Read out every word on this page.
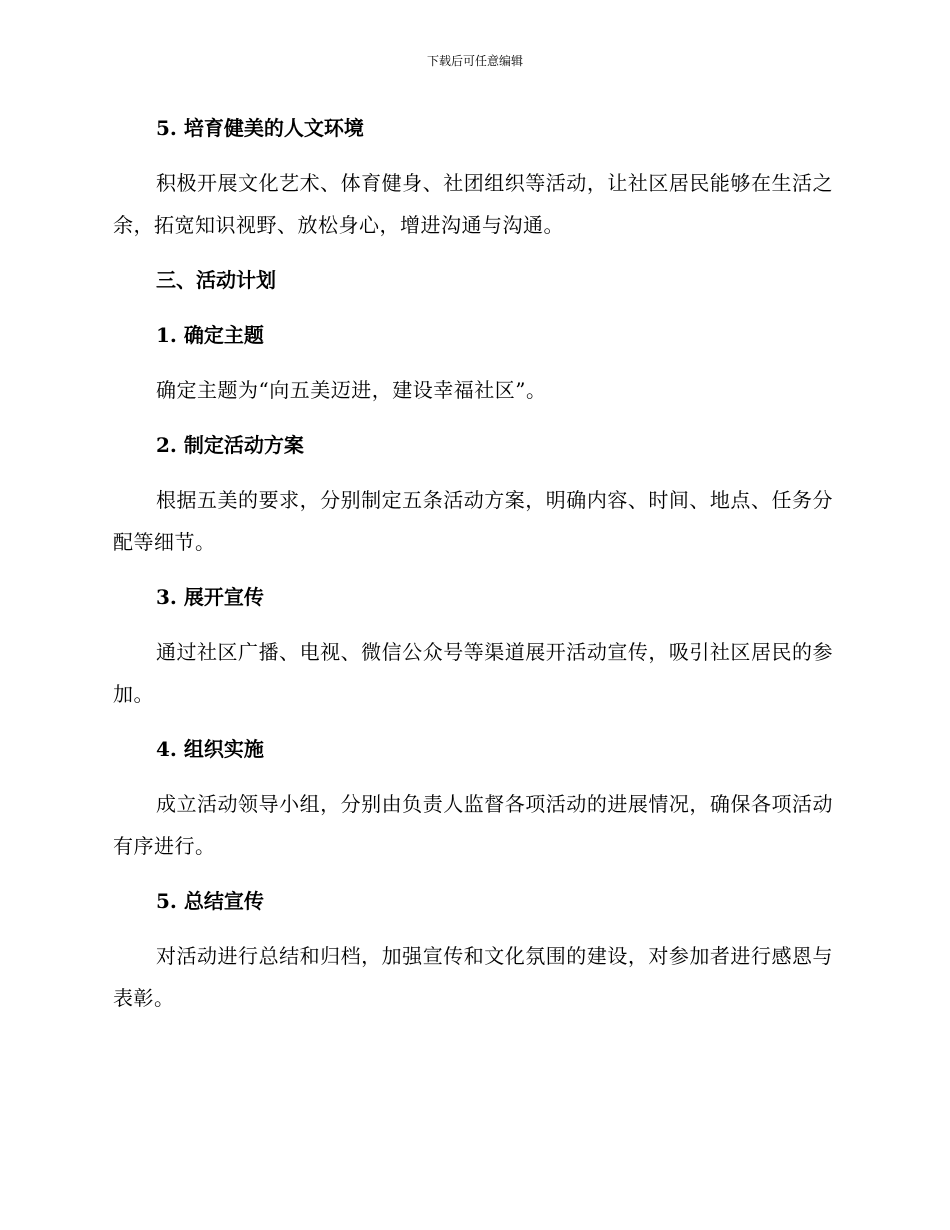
下载后可任意编辑
5. 培育健美的人文环境
积极开展文化艺术、体育健身、社团组织等活动，让社区居民能够在生活之余，拓宽知识视野、放松身心，增进沟通与沟通。
三、活动计划
1. 确定主题
确定主题为“向五美迈进，建设幸福社区”。
2. 制定活动方案
根据五美的要求，分别制定五条活动方案，明确内容、时间、地点、任务分配等细节。
3. 展开宣传
通过社区广播、电视、微信公众号等渠道展开活动宣传，吸引社区居民的参加。
4. 组织实施
成立活动领导小组，分别由负责人监督各项活动的进展情况，确保各项活动有序进行。
5. 总结宣传
对活动进行总结和归档，加强宣传和文化氛围的建设，对参加者进行感恩与表彰。
